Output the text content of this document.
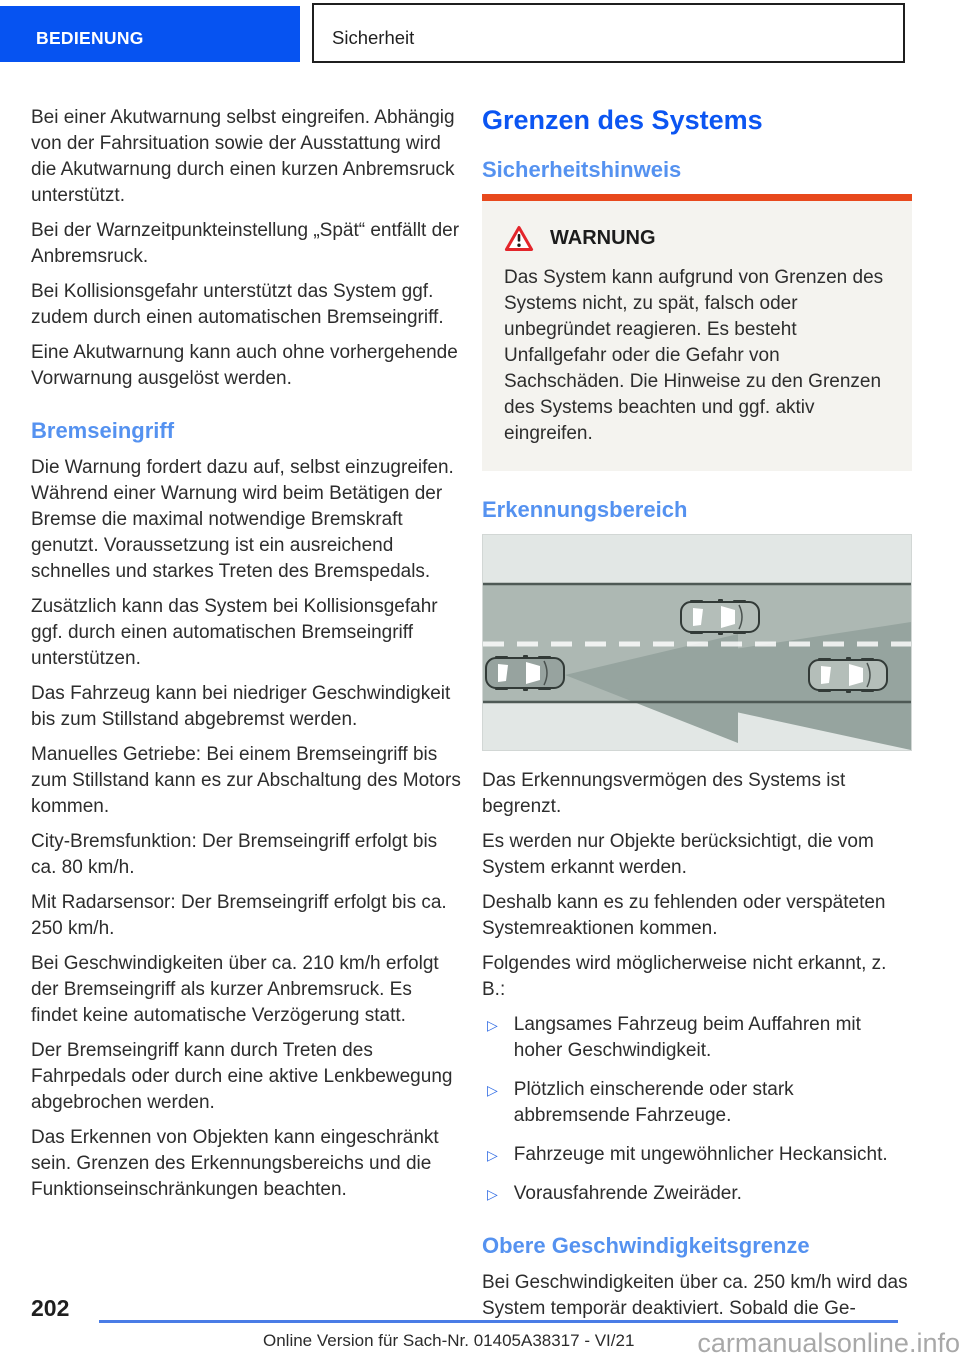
BEDIENUNG	Sicherheit

Bei einer Akutwarnung selbst eingreifen. Abhängig von der Fahrsituation sowie der Ausstattung wird die Akutwarnung durch einen kurzen Anbremsruck unterstützt.

Bei der Warnzeitpunkteinstellung „Spät“ entfällt der Anbremsruck.

Bei Kollisionsgefahr unterstützt das System ggf. zudem durch einen automatischen Bremseingriff.

Eine Akutwarnung kann auch ohne vorhergehende Vorwarnung ausgelöst werden.

Bremseingriff

Die Warnung fordert dazu auf, selbst einzugreifen. Während einer Warnung wird beim Betätigen der Bremse die maximal notwendige Bremskraft genutzt. Voraussetzung ist ein ausreichend schnelles und starkes Treten des Bremspedals.

Zusätzlich kann das System bei Kollisionsgefahr ggf. durch einen automatischen Bremseingriff unterstützen.

Das Fahrzeug kann bei niedriger Geschwindigkeit bis zum Stillstand abgebremst werden.

Manuelles Getriebe: Bei einem Bremseingriff bis zum Stillstand kann es zur Abschaltung des Motors kommen.

City-Bremsfunktion: Der Bremseingriff erfolgt bis ca. 80 km/h.

Mit Radarsensor: Der Bremseingriff erfolgt bis ca. 250 km/h.

Bei Geschwindigkeiten über ca. 210 km/h erfolgt der Bremseingriff als kurzer Anbremsruck. Es findet keine automatische Verzögerung statt.

Der Bremseingriff kann durch Treten des Fahrpedals oder durch eine aktive Lenkbewegung abgebrochen werden.

Das Erkennen von Objekten kann eingeschränkt sein. Grenzen des Erkennungsbereichs und die Funktionseinschränkungen beachten.

Grenzen des Systems
Sicherheitshinweis
WARNUNG

Das System kann aufgrund von Grenzen des Systems nicht, zu spät, falsch oder unbegründet reagieren. Es besteht Unfallgefahr oder die Gefahr von Sachschäden. Die Hinweise zu den Grenzen des Systems beachten und ggf. aktiv eingreifen.

Erkennungsbereich

Das Erkennungsvermögen des Systems ist begrenzt.

Es werden nur Objekte berücksichtigt, die vom System erkannt werden.

Deshalb kann es zu fehlenden oder verspäteten Systemreaktionen kommen.

Folgendes wird möglicherweise nicht erkannt, z. B.:

▷ Langsames Fahrzeug beim Auffahren mit hoher Geschwindigkeit.
▷ Plötzlich einscherende oder stark abbremsende Fahrzeuge.
▷ Fahrzeuge mit ungewöhnlicher Heckansicht.
▷ Vorausfahrende Zweiräder.
Obere Geschwindigkeitsgrenze

Bei Geschwindigkeiten über ca. 250 km/h wird das System temporär deaktiviert. Sobald die Ge-

202
Online Version für Sach-Nr. 01405A38317 - VI/21 carmanualsonline.info
